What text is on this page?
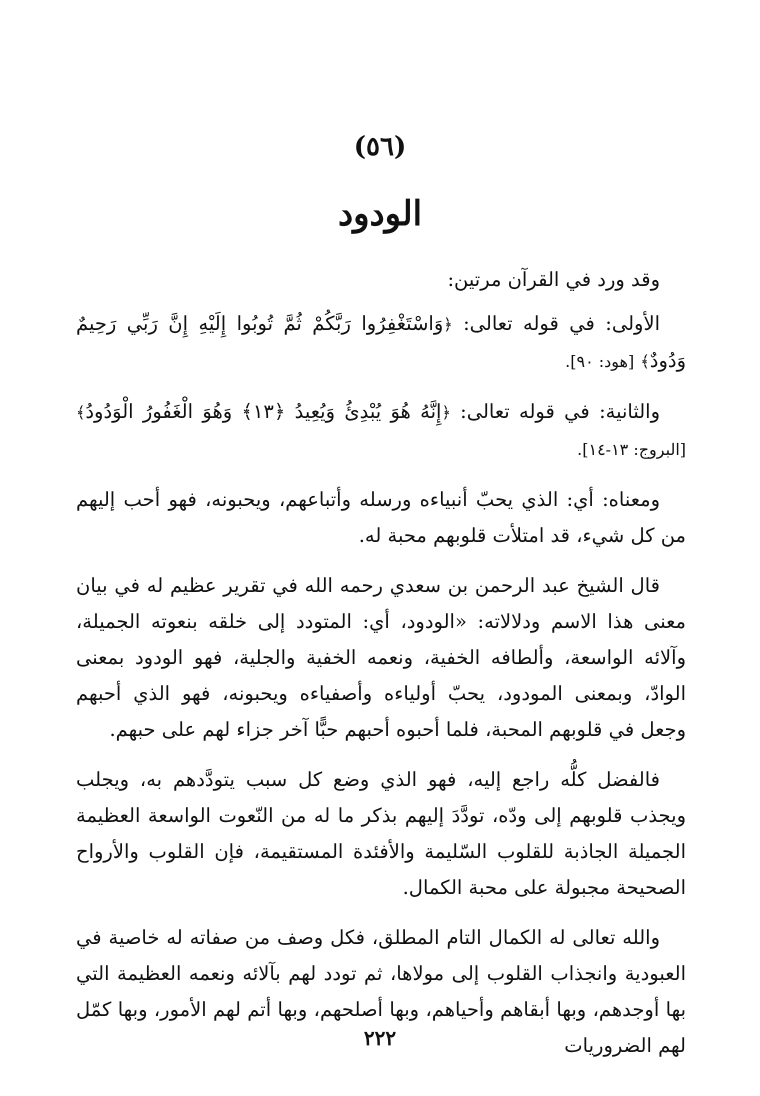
(٥٦)
الودود

وقد ورد في القرآن مرتين:

الأولى: في قوله تعالى: ﴿وَاسْتَغْفِرُوا رَبَّكُمْ ثُمَّ تُوبُوا إِلَيْهِ إِنَّ رَبِّي رَحِيمٌ وَدُودٌ﴾ [هود: ٩٠].

والثانية: في قوله تعالى: ﴿إِنَّهُ هُوَ يُبْدِئُ وَيُعِيدُ ﴿١٣﴾ وَهُوَ الْغَفُورُ الْوَدُودُ﴾ [البروج: ١٣-١٤].

ومعناه: أي: الذي يحبّ أنبياءه ورسله وأتباعهم، ويحبونه، فهو أحب إليهم من كل شيء، قد امتلأت قلوبهم محبة له.

قال الشيخ عبد الرحمن بن سعدي رحمه الله في تقرير عظيم له في بيان معنى هذا الاسم ودلالاته: «الودود، أي: المتودد إلى خلقه بنعوته الجميلة، وآلائه الواسعة، وألطافه الخفية، ونعمه الخفية والجلية، فهو الودود بمعنى الوادّ، وبمعنى المودود، يحبّ أولياءه وأصفياءه ويحبونه، فهو الذي أحبهم وجعل في قلوبهم المحبة، فلما أحبوه أحبهم حبًّا آخر جزاء لهم على حبهم.

فالفضل كلُّه راجع إليه، فهو الذي وضع كل سبب يتودَّدهم به، ويجلب ويجذب قلوبهم إلى ودّه، تودَّدَ إليهم بذكر ما له من النّعوت الواسعة العظيمة الجميلة الجاذبة للقلوب السّليمة والأفئدة المستقيمة، فإن القلوب والأرواح الصحيحة مجبولة على محبة الكمال.

والله تعالى له الكمال التام المطلق، فكل وصف من صفاته له خاصية في العبودية وانجذاب القلوب إلى مولاها، ثم تودد لهم بآلائه ونعمه العظيمة التي بها أوجدهم، وبها أبقاهم وأحياهم، وبها أصلحهم، وبها أتم لهم الأمور، وبها كمّل لهم الضروريات

٢٢٢
